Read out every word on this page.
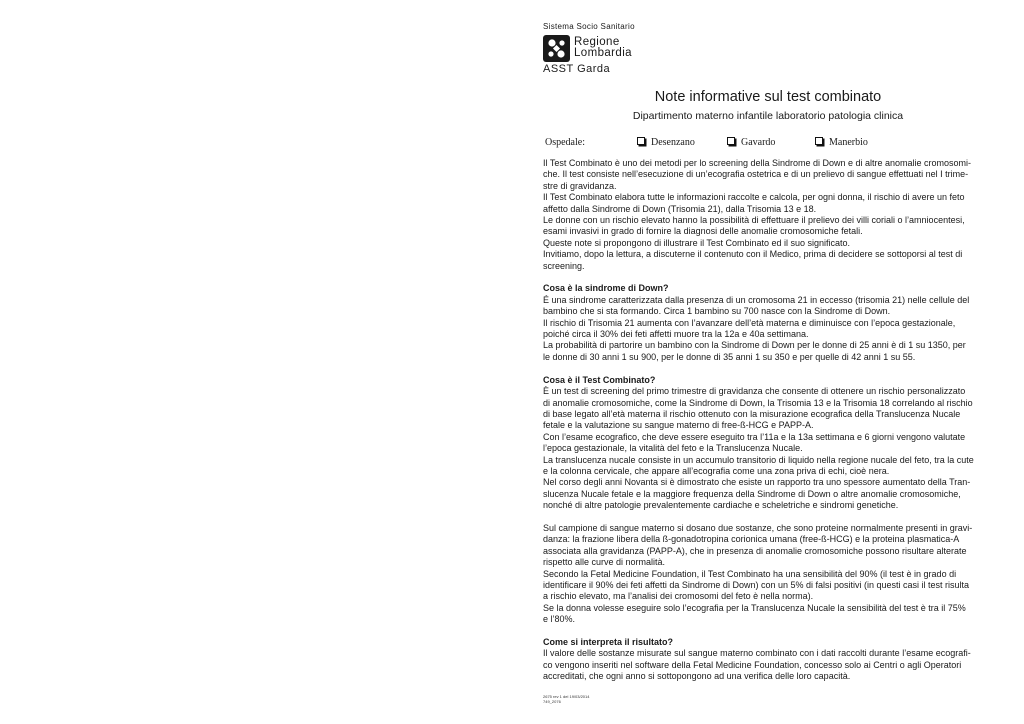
Sistema Socio Sanitario
Regione
Lombardia
ASST Garda
Note informative sul test combinato
Dipartimento materno infantile laboratorio patologia clinica
Ospedale:	Desenzano	Gavardo	Manerbio

Il Test Combinato è uno dei metodi per lo screening della Sindrome di Down e di altre anomalie cromosomi-

che. Il test consiste nell’esecuzione di un’ecografia ostetrica e di un prelievo di sangue effettuati nel I trime-

stre di gravidanza.

Il Test Combinato elabora tutte le informazioni raccolte e calcola, per ogni donna, il rischio di avere un feto

affetto dalla Sindrome di Down (Trisomia 21), dalla Trisomia 13 e 18.

Le donne con un rischio elevato hanno la possibilità di effettuare il prelievo dei villi coriali o l’amniocentesi,

esami invasivi in grado di fornire la diagnosi delle anomalie cromosomiche fetali.

Queste note si propongono di illustrare il Test Combinato ed il suo significato.

Invitiamo, dopo la lettura, a discuterne il contenuto con il Medico, prima di decidere se sottoporsi al test di

screening.

Cosa è la sindrome di Down?

É una sindrome caratterizzata dalla presenza di un cromosoma 21 in eccesso (trisomia 21) nelle cellule del

bambino che si sta formando. Circa 1 bambino su 700 nasce con la Sindrome di Down.

Il rischio di Trisomia 21 aumenta con l’avanzare dell’età materna e diminuisce con l’epoca gestazionale,

poiché circa il 30% dei feti affetti muore tra la 12a e 40a settimana.

La probabilità di partorire un bambino con la Sindrome di Down per le donne di 25 anni è di 1 su 1350, per

le donne di 30 anni 1 su 900, per le donne di 35 anni 1 su 350 e per quelle di 42 anni 1 su 55.

Cosa è il Test Combinato?

È un test di screening del primo trimestre di gravidanza che consente di ottenere un rischio personalizzato

di anomalie cromosomiche, come la Sindrome di Down, la Trisomia 13 e la Trisomia 18 correlando al rischio

di base legato all’età materna il rischio ottenuto con la misurazione ecografica della Translucenza Nucale

fetale e la valutazione su sangue materno di free-ß-HCG e PAPP-A.

Con l’esame ecografico, che deve essere eseguito tra l’11a e la 13a settimana e 6 giorni vengono valutate

l’epoca gestazionale, la vitalità del feto e la Translucenza Nucale.

La translucenza nucale consiste in un accumulo transitorio di liquido nella regione nucale del feto, tra la cute

e la colonna cervicale, che appare all’ecografia come una zona priva di echi, cioè nera.

Nel corso degli anni Novanta si è dimostrato che esiste un rapporto tra uno spessore aumentato della Tran-

slucenza Nucale fetale e la maggiore frequenza della Sindrome di Down o altre anomalie cromosomiche,

nonché di altre patologie prevalentemente cardiache e scheletriche e sindromi genetiche.

Sul campione di sangue materno si dosano due sostanze, che sono proteine normalmente presenti in gravi-

danza: la frazione libera della ß-gonadotropina corionica umana (free-ß-HCG) e la proteina plasmatica-A

associata alla gravidanza (PAPP-A), che in presenza di anomalie cromosomiche possono risultare alterate

rispetto alle curve di normalità.

Secondo la Fetal Medicine Foundation, il Test Combinato ha una sensibilità del 90% (il test è in grado di

identificare il 90% dei feti affetti da Sindrome di Down) con un 5% di falsi positivi (in questi casi il test risulta

a rischio elevato, ma l’analisi dei cromosomi del feto è nella norma).

Se la donna volesse eseguire solo l’ecografia per la Translucenza Nucale la sensibilità del test è tra il 75%

e l’80%.

Come si interpreta il risultato?

Il valore delle sostanze misurate sul sangue materno combinato con i dati raccolti durante l’esame ecografi-

co vengono inseriti nel software della Fetal Medicine Foundation, concesso solo ai Centri o agli Operatori

accreditati, che ogni anno si sottopongono ad una verifica delle loro capacità.

2675 rev 1 del 19/03/2014
749_2076
